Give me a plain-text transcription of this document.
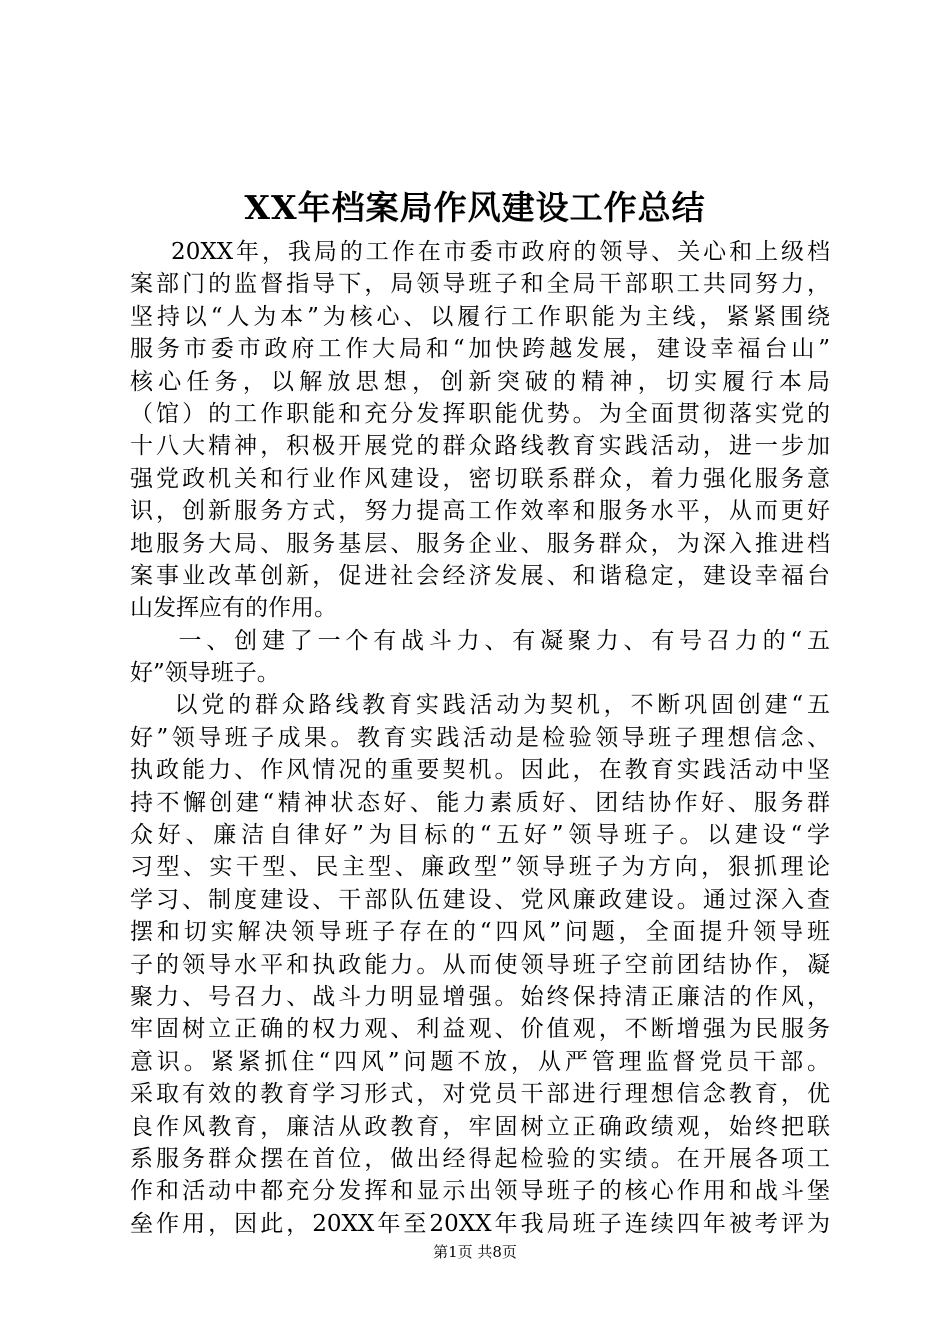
XX年档案局作风建设工作总结
20XX年，我局的工作在市委市政府的领导、关心和上级档
案部门的监督指导下，局领导班子和全局干部职工共同努力，
坚持以“人为本”为核心、以履行工作职能为主线，紧紧围绕
服务市委市政府工作大局和“加快跨越发展，建设幸福台山”
核心任务，以解放思想，创新突破的精神，切实履行本局
（馆）的工作职能和充分发挥职能优势。为全面贯彻落实党的
十八大精神，积极开展党的群众路线教育实践活动，进一步加
强党政机关和行业作风建设，密切联系群众，着力强化服务意
识，创新服务方式，努力提高工作效率和服务水平，从而更好
地服务大局、服务基层、服务企业、服务群众，为深入推进档
案事业改革创新，促进社会经济发展、和谐稳定，建设幸福台
山发挥应有的作用。
一、创建了一个有战斗力、有凝聚力、有号召力的“五
好”领导班子。
以党的群众路线教育实践活动为契机，不断巩固创建“五
好”领导班子成果。教育实践活动是检验领导班子理想信念、
执政能力、作风情况的重要契机。因此，在教育实践活动中坚
持不懈创建“精神状态好、能力素质好、团结协作好、服务群
众好、廉洁自律好”为目标的“五好”领导班子。以建设“学
习型、实干型、民主型、廉政型”领导班子为方向，狠抓理论
学习、制度建设、干部队伍建设、党风廉政建设。通过深入查
摆和切实解决领导班子存在的“四风”问题，全面提升领导班
子的领导水平和执政能力。从而使领导班子空前团结协作，凝
聚力、号召力、战斗力明显增强。始终保持清正廉洁的作风，
牢固树立正确的权力观、利益观、价值观，不断增强为民服务
意识。紧紧抓住“四风”问题不放，从严管理监督党员干部。
采取有效的教育学习形式，对党员干部进行理想信念教育，优
良作风教育，廉洁从政教育，牢固树立正确政绩观，始终把联
系服务群众摆在首位，做出经得起检验的实绩。在开展各项工
作和活动中都充分发挥和显示出领导班子的核心作用和战斗堡
垒作用，因此，20XX年至20XX年我局班子连续四年被考评为
第1页 共8页
